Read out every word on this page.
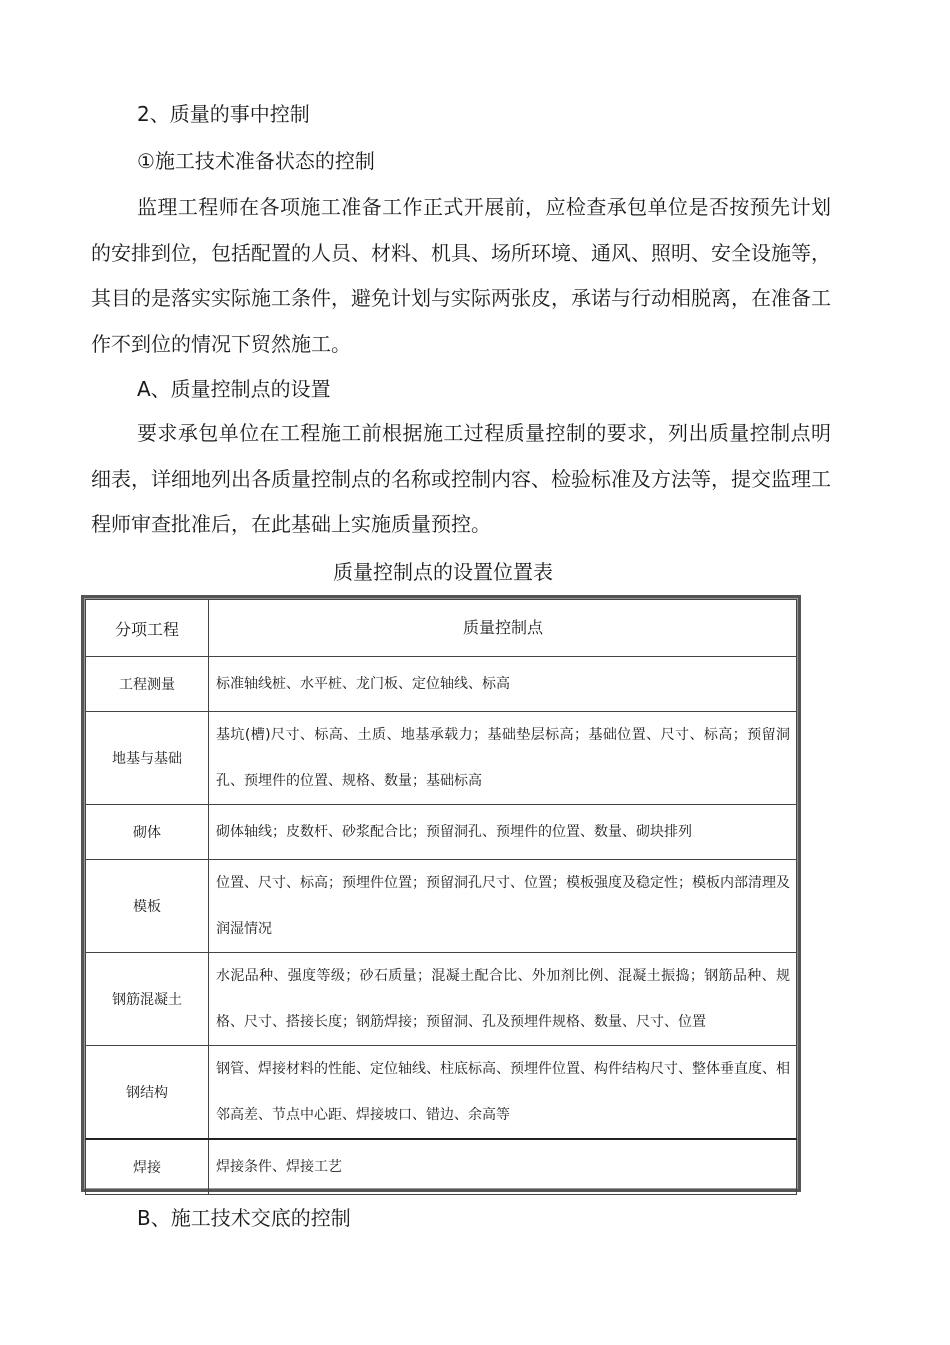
2、质量的事中控制
①施工技术准备状态的控制
监理工程师在各项施工准备工作正式开展前，应检查承包单位是否按预先计划的安排到位，包括配置的人员、材料、机具、场所环境、通风、照明、安全设施等，其目的是落实实际施工条件，避免计划与实际两张皮，承诺与行动相脱离，在准备工作不到位的情况下贸然施工。
A、质量控制点的设置
要求承包单位在工程施工前根据施工过程质量控制的要求，列出质量控制点明细表，详细地列出各质量控制点的名称或控制内容、检验标准及方法等，提交监理工程师审查批准后，在此基础上实施质量预控。
质量控制点的设置位置表
分项工程	质量控制点
工程测量	标准轴线桩、水平桩、龙门板、定位轴线、标高
地基与基础	基坑(槽)尺寸、标高、土质、地基承载力；基础垫层标高；基础位置、尺寸、标高；预留洞孔、预埋件的位置、规格、数量；基础标高
砌体	砌体轴线；皮数杆、砂浆配合比；预留洞孔、预埋件的位置、数量、砌块排列
模板	位置、尺寸、标高；预埋件位置；预留洞孔尺寸、位置；模板强度及稳定性；模板内部清理及润湿情况
钢筋混凝土	水泥品种、强度等级；砂石质量；混凝土配合比、外加剂比例、混凝土振捣；钢筋品种、规格、尺寸、搭接长度；钢筋焊接；预留洞、孔及预埋件规格、数量、尺寸、位置
钢结构	钢管、焊接材料的性能、定位轴线、柱底标高、预埋件位置、构件结构尺寸、整体垂直度、相邻高差、节点中心距、焊接坡口、错边、余高等
焊接	焊接条件、焊接工艺
B、施工技术交底的控制
